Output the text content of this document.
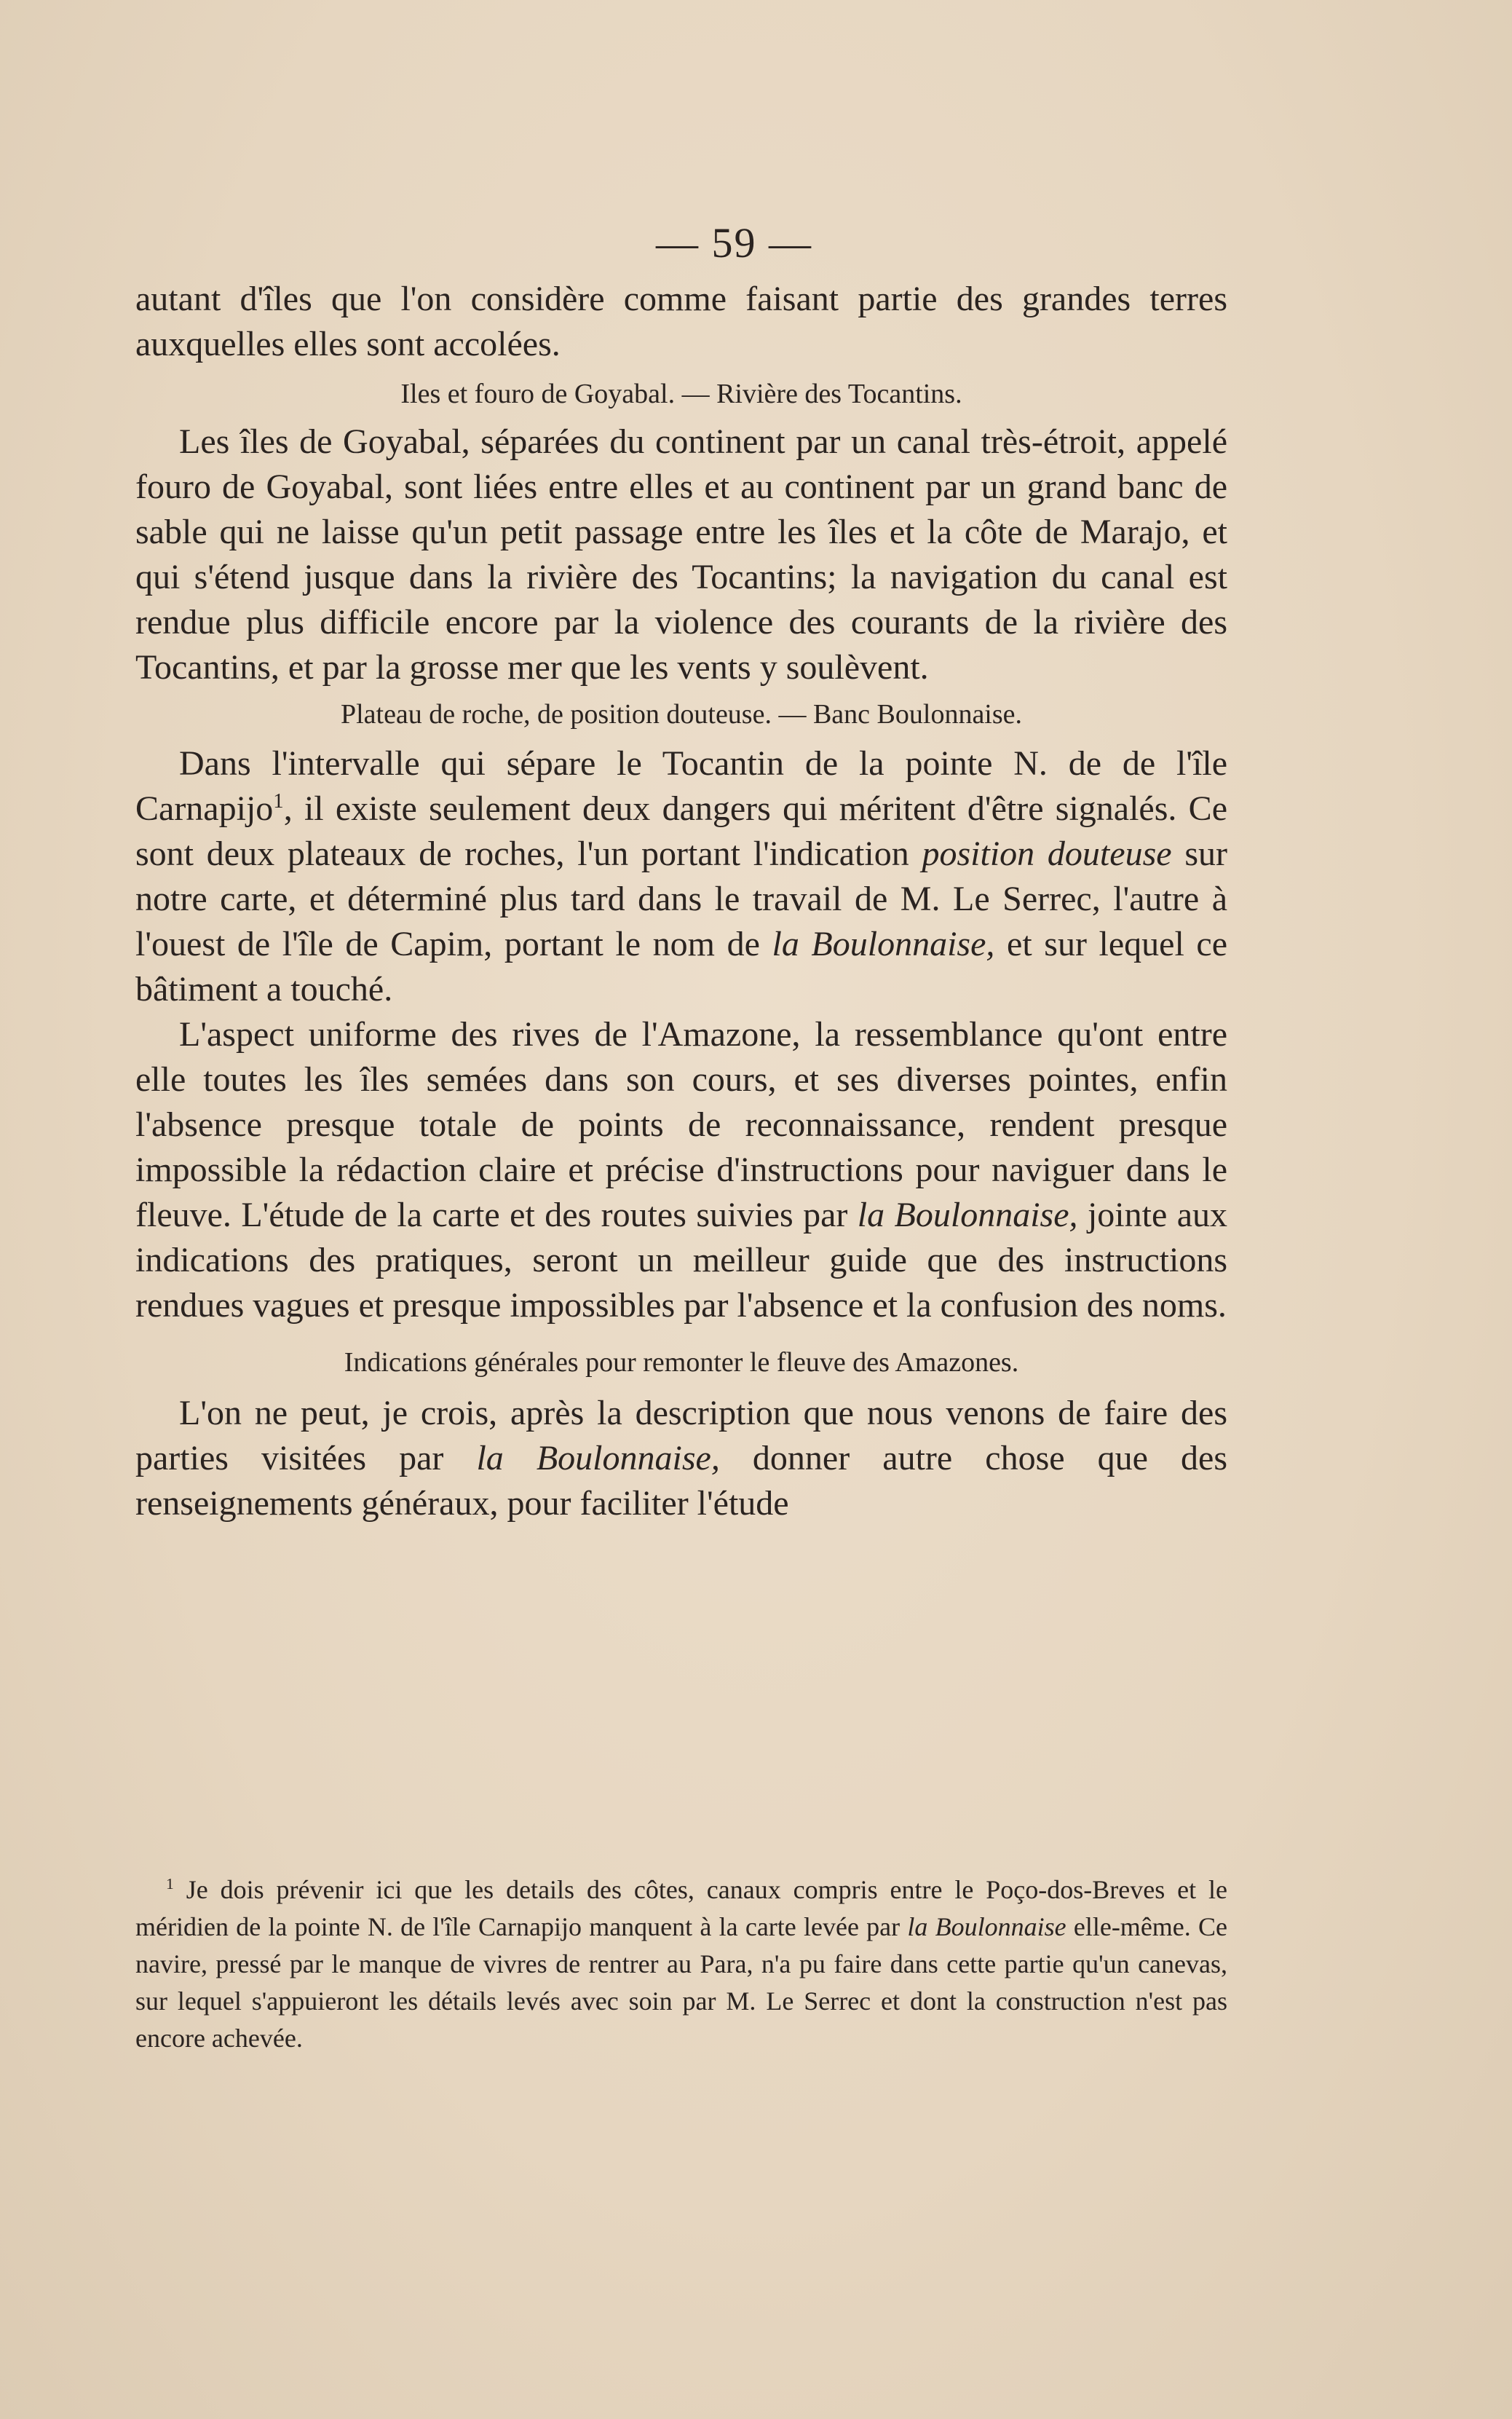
— 59 —

autant d'îles que l'on considère comme faisant partie des grandes terres auxquelles elles sont accolées.

Iles et fouro de Goyabal. — Rivière des Tocantins.

Les îles de Goyabal, séparées du continent par un canal très-étroit, appelé fouro de Goyabal, sont liées entre elles et au continent par un grand banc de sable qui ne laisse qu'un petit passage entre les îles et la côte de Marajo, et qui s'étend jusque dans la rivière des Tocantins; la navigation du canal est rendue plus difficile encore par la violence des courants de la rivière des Tocantins, et par la grosse mer que les vents y soulèvent.

Plateau de roche, de position douteuse. — Banc Boulonnaise.

Dans l'intervalle qui sépare le Tocantin de la pointe N. de de l'île Carnapijo$^1$, il existe seulement deux dangers qui méritent d'être signalés. Ce sont deux plateaux de roches, l'un portant l'indication position douteuse sur notre carte, et déterminé plus tard dans le travail de M. Le Serrec, l'autre à l'ouest de l'île de Capim, portant le nom de la Boulonnaise, et sur lequel ce bâtiment a touché.

L'aspect uniforme des rives de l'Amazone, la ressemblance qu'ont entre elle toutes les îles semées dans son cours, et ses diverses pointes, enfin l'absence presque totale de points de reconnaissance, rendent presque impossible la rédaction claire et précise d'instructions pour naviguer dans le fleuve. L'étude de la carte et des routes suivies par la Boulonnaise, jointe aux indications des pratiques, seront un meilleur guide que des instructions rendues vagues et presque impossibles par l'absence et la confusion des noms.

Indications générales pour remonter le fleuve des Amazones.

L'on ne peut, je crois, après la description que nous venons de faire des parties visitées par la Boulonnaise, donner autre chose que des renseignements généraux, pour faciliter l'étude

$^1$ Je dois prévenir ici que les details des côtes, canaux compris entre le Poço-dos-Breves et le méridien de la pointe N. de l'île Carnapijo manquent à la carte levée par la Boulonnaise elle-même. Ce navire, pressé par le manque de vivres de rentrer au Para, n'a pu faire dans cette partie qu'un canevas, sur lequel s'appuieront les détails levés avec soin par M. Le Serrec et dont la construction n'est pas encore achevée.
